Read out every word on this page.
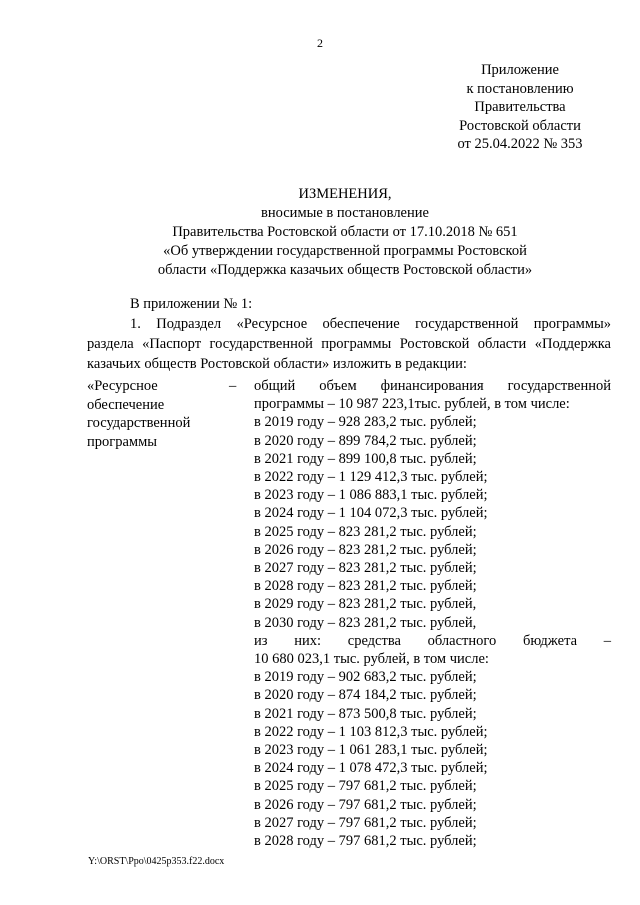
2
Приложение
к постановлению
Правительства
Ростовской области
от 25.04.2022 № 353
ИЗМЕНЕНИЯ,
вносимые в постановление
Правительства Ростовской области от 17.10.2018 № 651
«Об утверждении государственной программы Ростовской
области «Поддержка казачьих обществ Ростовской области»

В приложении № 1:

1. Подраздел «Ресурсное обеспечение государственной программы»

раздела «Паспорт государственной программы Ростовской области «Поддержка

казачьих обществ Ростовской области» изложить в редакции:

«Ресурсное
обеспечение
государственной
программы
– общий объем финансирования государственной
программы – 10 987 223,1тыс. рублей, в том числе:
в 2019 году – 928 283,2 тыс. рублей;
в 2020 году – 899 784,2 тыс. рублей;
в 2021 году – 899 100,8 тыс. рублей;
в 2022 году – 1 129 412,3 тыс. рублей;
в 2023 году – 1 086 883,1 тыс. рублей;
в 2024 году – 1 104 072,3 тыс. рублей;
в 2025 году – 823 281,2 тыс. рублей;
в 2026 году – 823 281,2 тыс. рублей;
в 2027 году – 823 281,2 тыс. рублей;
в 2028 году – 823 281,2 тыс. рублей;
в 2029 году – 823 281,2 тыс. рублей,
в 2030 году – 823 281,2 тыс. рублей,
из них: средства областного бюджета –
10 680 023,1 тыс. рублей, в том числе:
в 2019 году – 902 683,2 тыс. рублей;
в 2020 году – 874 184,2 тыс. рублей;
в 2021 году – 873 500,8 тыс. рублей;
в 2022 году – 1 103 812,3 тыс. рублей;
в 2023 году – 1 061 283,1 тыс. рублей;
в 2024 году – 1 078 472,3 тыс. рублей;
в 2025 году – 797 681,2 тыс. рублей;
в 2026 году – 797 681,2 тыс. рублей;
в 2027 году – 797 681,2 тыс. рублей;
в 2028 году – 797 681,2 тыс. рублей;
Y:\ORST\Ppo\0425p353.f22.docx
